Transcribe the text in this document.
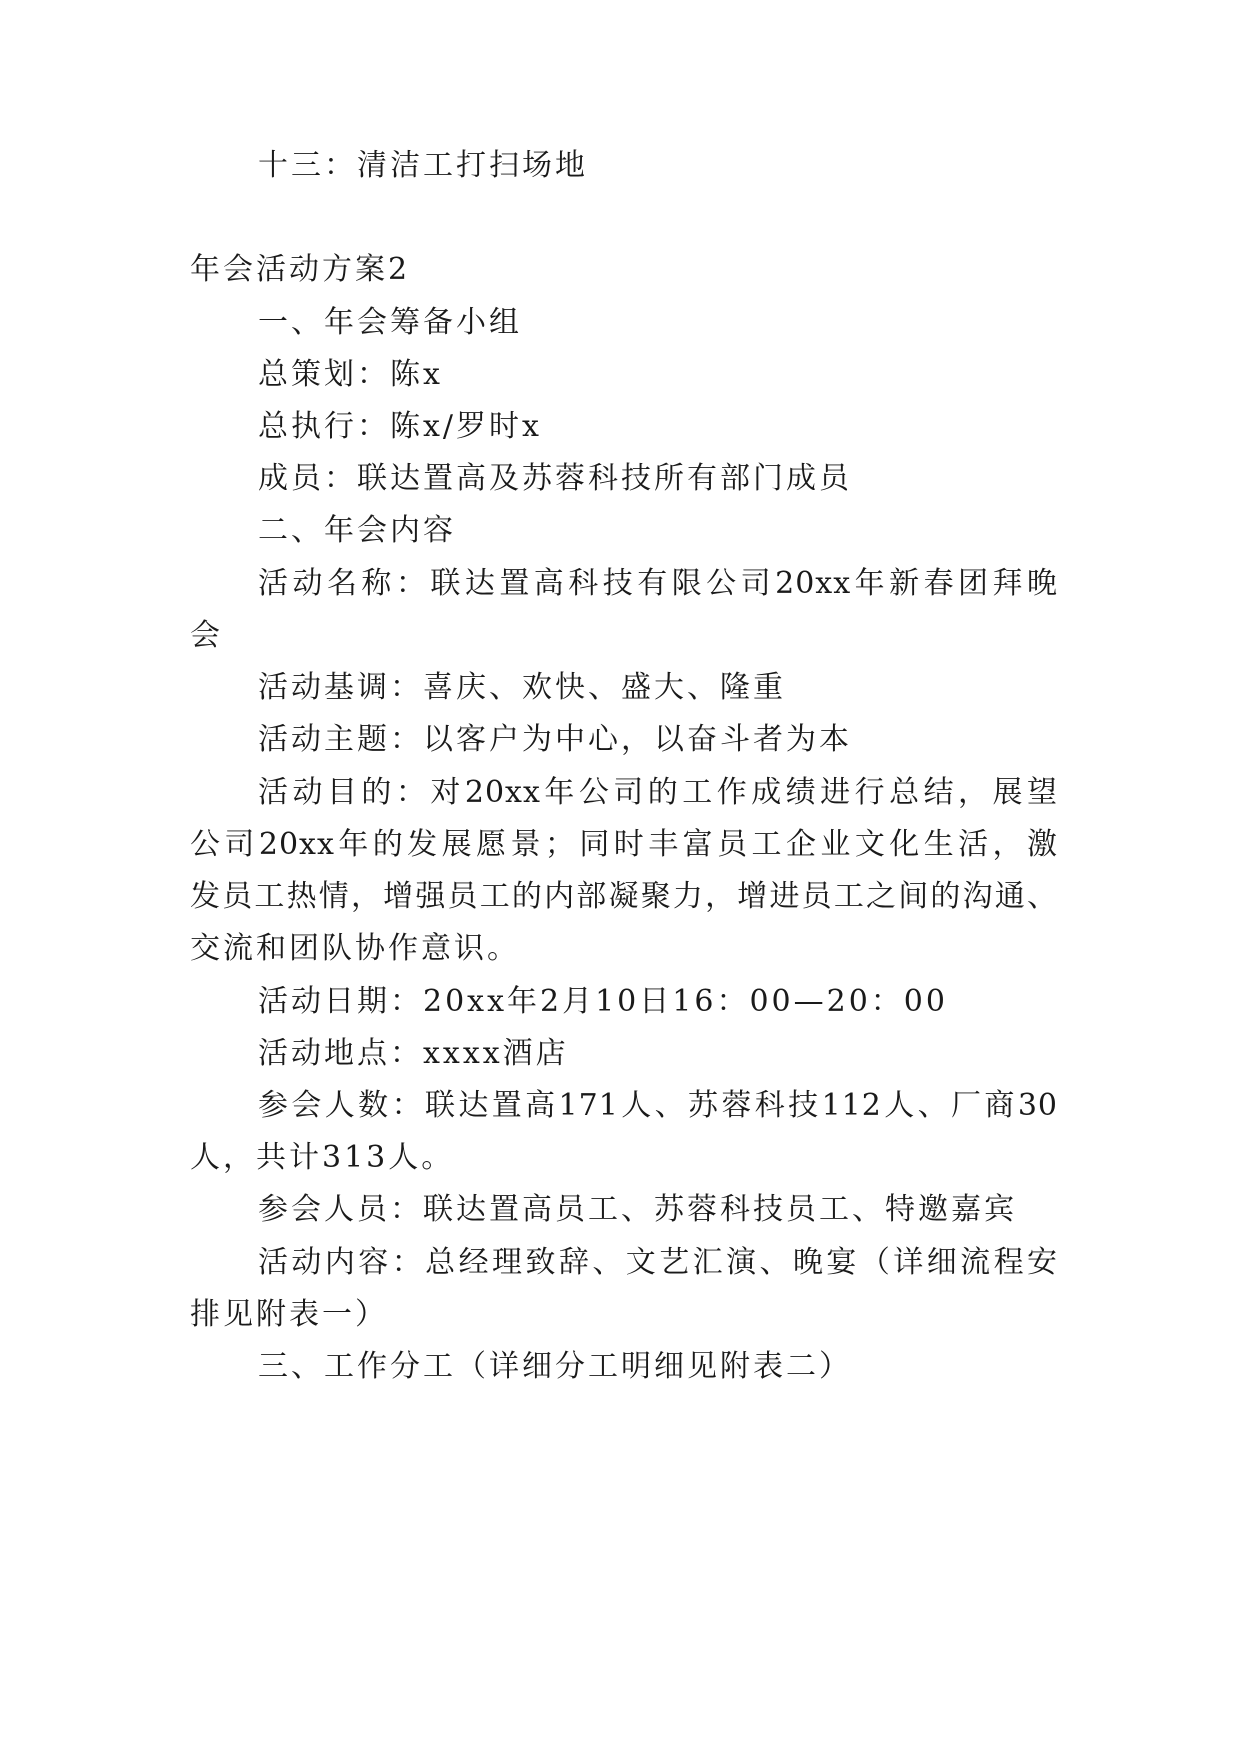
十三：清洁工打扫场地
年会活动方案2
一、年会筹备小组
总策划：陈x
总执行：陈x/罗时x
成员：联达置高及苏蓉科技所有部门成员
二、年会内容
活动名称：联达置高科技有限公司20xx年新春团拜晚
会
活动基调：喜庆、欢快、盛大、隆重
活动主题：以客户为中心，以奋斗者为本
活动目的：对20xx年公司的工作成绩进行总结，展望
公司20xx年的发展愿景；同时丰富员工企业文化生活，激
发员工热情，增强员工的内部凝聚力，增进员工之间的沟通、
交流和团队协作意识。
活动日期：20xx年2月10日16：00—20：00
活动地点：xxxx酒店
参会人数：联达置高171人、苏蓉科技112人、厂商30
人，共计313人。
参会人员：联达置高员工、苏蓉科技员工、特邀嘉宾
活动内容：总经理致辞、文艺汇演、晚宴（详细流程安
排见附表一）
三、工作分工（详细分工明细见附表二）
